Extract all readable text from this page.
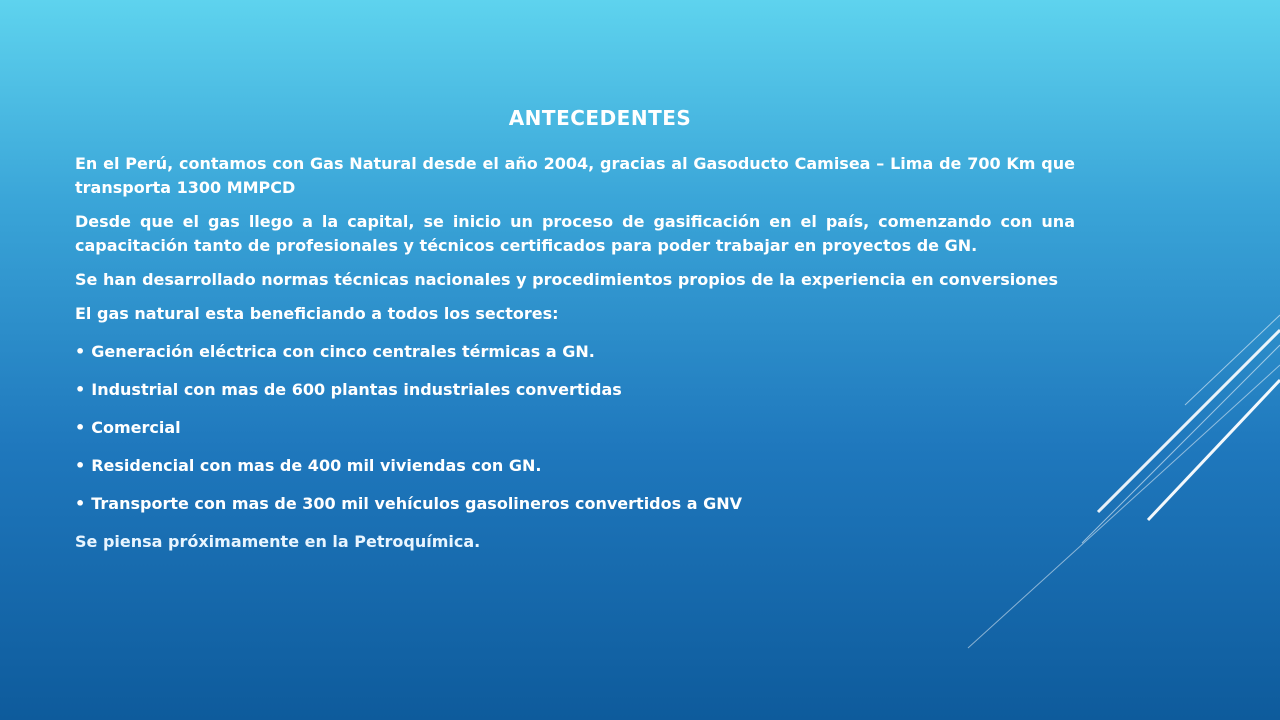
ANTECEDENTES

En el Perú, contamos con Gas Natural desde el año 2004, gracias al Gasoducto Camisea – Lima de 700 Km que transporta 1300 MMPCD

Desde que el gas llego a la capital, se inicio un proceso de gasificación en el país, comenzando con una capacitación tanto de profesionales y técnicos certificados para poder trabajar en proyectos de GN.

Se han desarrollado normas técnicas nacionales y procedimientos propios de la experiencia en conversiones

El gas natural esta beneficiando a todos los sectores:

• Generación eléctrica con cinco centrales térmicas a GN.

• Industrial con mas de 600 plantas industriales convertidas

• Comercial

• Residencial con mas de 400 mil viviendas con GN.

• Transporte con mas de 300 mil vehículos gasolineros convertidos a GNV

Se piensa próximamente en la Petroquímica.
